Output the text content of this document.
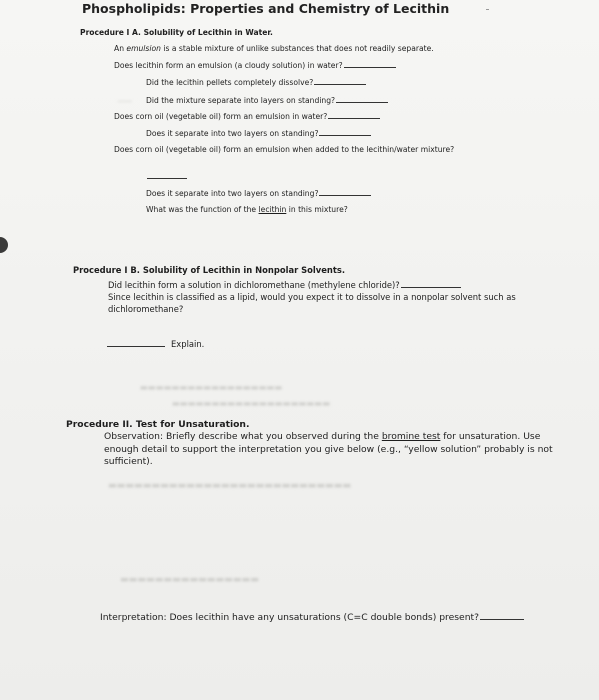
Phospholipids: Properties and Chemistry of Lecithin
Procedure I A. Solubility of Lecithin in Water.
An emulsion is a stable mixture of unlike substances that does not readily separate.
Does lecithin form an emulsion (a cloudy solution) in water?
Did the lecithin pellets completely dissolve?
Did the mixture separate into layers on standing?
Does corn oil (vegetable oil) form an emulsion in water?
Does it separate into two layers on standing?
Does corn oil (vegetable oil) form an emulsion when added to the lecithin/water mixture?
Does it separate into two layers on standing?
What was the function of the lecithin in this mixture?
───
Procedure I B. Solubility of Lecithin in Nonpolar Solvents.
Did lecithin form a solution in dichloromethane (methylene chloride)?
Since lecithin is classified as a lipid, would you expect it to dissolve in a nonpolar solvent such as dichloromethane?
Explain.
▬▬▬▬▬▬▬▬▬▬▬▬▬▬▬▬▬▬
▬▬▬▬▬▬▬▬▬▬▬▬▬▬▬▬▬▬▬▬
Procedure II. Test for Unsaturation.
Observation: Briefly describe what you observed during the bromine test for unsaturation. Use enough detail to support the interpretation you give below (e.g., “yellow solution” probably is not sufficient).
▬▬▬▬▬▬▬▬▬▬▬▬▬▬▬▬▬▬▬▬▬▬▬▬▬▬▬▬
▬▬▬▬▬▬▬▬▬▬▬▬▬▬▬▬
Interpretation: Does lecithin have any unsaturations (C=C double bonds) present?
